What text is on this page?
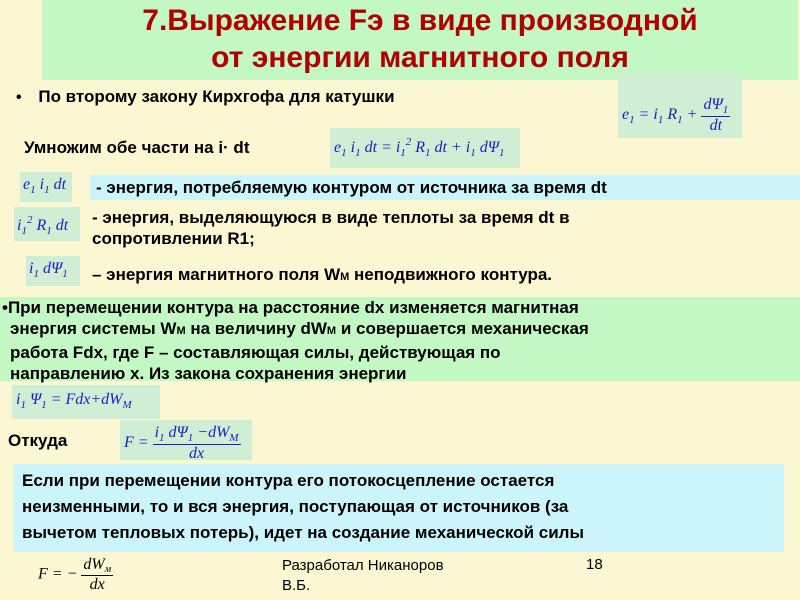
7.Выражение Fэ в виде производной
от энергии магнитного поля
• По второму закону Кирхгофа для катушки
$e_1 = i_1$ $R_1 + \frac{d\Psi_1}{dt}$
Умножим обе части на i· dt	$e_1$ $i_1$ dt = $i_1^2$ $R_1$ dt + $i_1$ $d\Psi_1$
$e_1$ $i_1$ dt	- энергия, потребляемую контуром от источника за время dt
$i_1^2$ $R_1$ dt - энергия, выделяющуюся в виде теплоты за время dt в
сопротивлении R1;
$i_1$ $d\Psi_1$ – энергия магнитного поля WM неподвижного контура.
•При перемещении контура на расстояние dx изменяется магнитная
энергия системы WM на величину dWM и совершается механическая
работа Fdx, где F – составляющая силы, действующая по
направлению x. Из закона сохранения энергии
$i_1$ $\Psi_1 = Fdx+dW_M$
Откуда	$F = \frac{i_1 d\Psi_1 -dW_M}{dx}$
Если при перемещении контура его потокосцепление остается
неизменными, то и вся энергия, поступающая от источников (за
вычетом тепловых потерь), идет на создание механической силы
F = − $\frac{\text{dWм}}{dx}$	Разработал Никаноров
В.Б.
18
